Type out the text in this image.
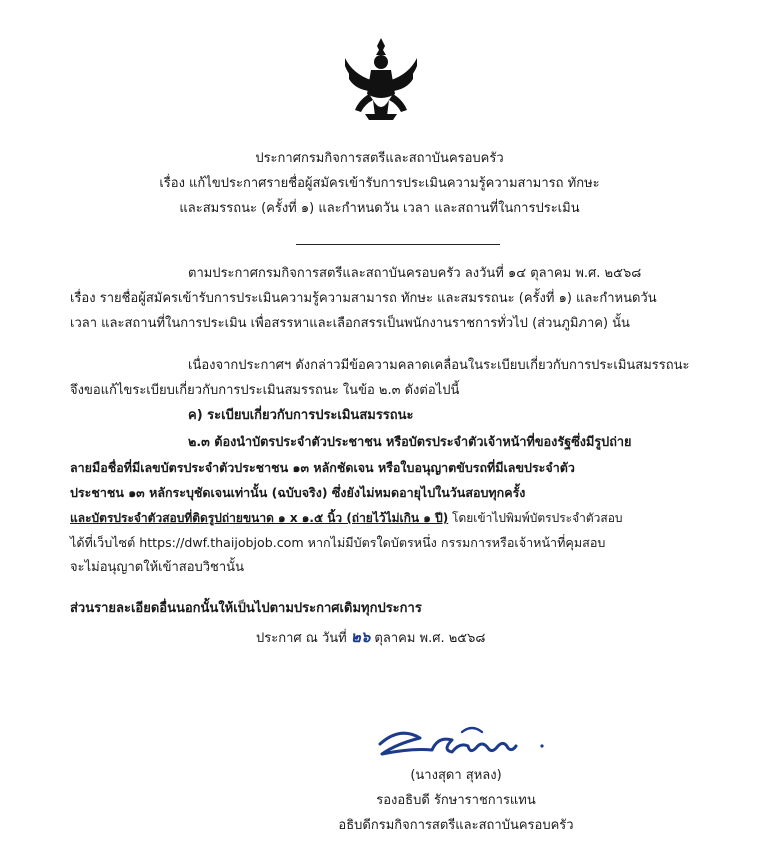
ประกาศกรมกิจการสตรีและสถาบันครอบครัว
เรื่อง แก้ไขประกาศรายชื่อผู้สมัครเข้ารับการประเมินความรู้ความสามารถ ทักษะ
และสมรรถนะ (ครั้งที่ ๑) และกำหนดวัน เวลา และสถานที่ในการประเมิน
ตามประกาศกรมกิจการสตรีและสถาบันครอบครัว ลงวันที่ ๑๔ ตุลาคม พ.ศ. ๒๕๖๘
เรื่อง รายชื่อผู้สมัครเข้ารับการประเมินความรู้ความสามารถ ทักษะ และสมรรถนะ (ครั้งที่ ๑) และกำหนดวัน
เวลา และสถานที่ในการประเมิน เพื่อสรรหาและเลือกสรรเป็นพนักงานราชการทั่วไป (ส่วนภูมิภาค) นั้น
เนื่องจากประกาศฯ ดังกล่าวมีข้อความคลาดเคลื่อนในระเบียบเกี่ยวกับการประเมินสมรรถนะ
จึงขอแก้ไขระเบียบเกี่ยวกับการประเมินสมรรถนะ ในข้อ ๒.๓ ดังต่อไปนี้
ค) ระเบียบเกี่ยวกับการประเมินสมรรถนะ
๒.๓ ต้องนำบัตรประจำตัวประชาชน หรือบัตรประจำตัวเจ้าหน้าที่ของรัฐซึ่งมีรูปถ่าย
ลายมือชื่อที่มีเลขบัตรประจำตัวประชาชน ๑๓ หลักชัดเจน หรือใบอนุญาตขับรถที่มีเลขประจำตัว
ประชาชน ๑๓ หลักระบุชัดเจนเท่านั้น (ฉบับจริง) ซึ่งยังไม่หมดอายุไปในวันสอบทุกครั้ง
และบัตรประจำตัวสอบที่ติดรูปถ่ายขนาด ๑ x ๑.๕ นิ้ว (ถ่ายไว้ไม่เกิน ๑ ปี) โดยเข้าไปพิมพ์บัตรประจำตัวสอบ
ได้ที่เว็บไซต์ https://dwf.thaijobjob.com หากไม่มีบัตรใดบัตรหนึ่ง กรรมการหรือเจ้าหน้าที่คุมสอบ
จะไม่อนุญาตให้เข้าสอบวิชานั้น
ส่วนรายละเอียดอื่นนอกนั้นให้เป็นไปตามประกาศเดิมทุกประการ
ประกาศ ณ วันที่ ๒๖ ตุลาคม พ.ศ. ๒๕๖๘
(นางสุดา สุหลง)
รองอธิบดี รักษาราชการแทน
อธิบดีกรมกิจการสตรีและสถาบันครอบครัว
